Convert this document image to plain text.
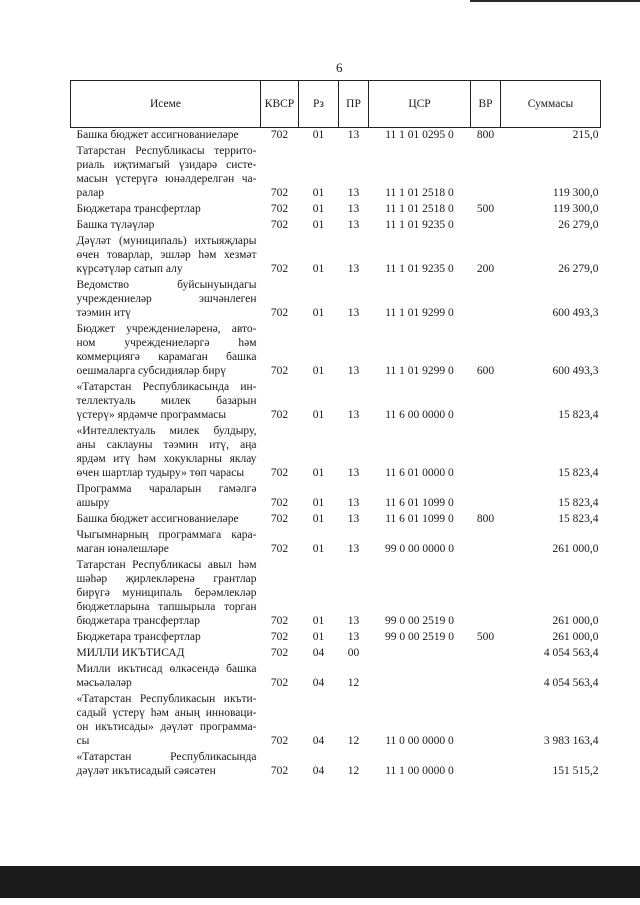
6
Исеме	КВСР	Рз	ПР	ЦСР	ВР	Суммасы

Башка бюджет ассигнованиеләре	702	01	13	11 1 01 0295 0	800	215,0

Татарстан Республикасы террито-
риаль иҗтимагый үзидарә систе-
масын үстерүгә юнәлдерелгән ча-
ралар	702	01	13	11 1 01 2518 0		119 300,0

Бюджетара трансфертлар	702	01	13	11 1 01 2518 0	500	119 300,0

Башка түләүләр	702	01	13	11 1 01 9235 0		26 279,0

Дәүләт (муниципаль) ихтыяҗлары
өчен товарлар, эшләр һәм хезмәт
күрсәтүләр сатып алу	702	01	13	11 1 01 9235 0	200	26 279,0

Ведомство буйсынуындагы
учреждениеләр эшчәнлеген
тәэмин итү	702	01	13	11 1 01 9299 0		600 493,3

Бюджет учреждениеләренә, авто-
ном учреждениеләргә һәм
коммерциягә карамаган башка
оешмаларга субсидияләр бирү	702	01	13	11 1 01 9299 0	600	600 493,3

«Татарстан Республикасында ин-
теллектуаль милек базарын
үстерү» ярдәмче программасы	702	01	13	11 6 00 0000 0		15 823,4

«Интеллектуаль милек булдыру,
аны саклауны тәэмин итү, аңа
ярдәм итү һәм хокукларны яклау
өчен шартлар тудыру» төп чарасы	702	01	13	11 6 01 0000 0		15 823,4

Программа чараларын гамәлгә
ашыру	702	01	13	11 6 01 1099 0		15 823,4

Башка бюджет ассигнованиеләре	702	01	13	11 6 01 1099 0	800	15 823,4

Чыгымнарның программага кара-
маган юнәлешләре	702	01	13	99 0 00 0000 0		261 000,0

Татарстан Республикасы авыл һәм
шәһәр җирлекләренә грантлар
бирүгә муниципаль берәмлекләр
бюджетларына тапшырыла торган
бюджетара трансфертлар	702	01	13	99 0 00 2519 0		261 000,0

Бюджетара трансфертлар	702	01	13	99 0 00 2519 0	500	261 000,0

МИЛЛИ ИКЪТИСАД	702	04	00			4 054 563,4

Милли икътисад өлкәсендә башка
мәсьәләләр	702	04	12			4 054 563,4

«Татарстан Республикасын икъти-
садый үстерү һәм аның инноваци-
он икътисады» дәүләт программа-
сы	702	04	12	11 0 00 0000 0		3 983 163,4

«Татарстан Республикасында
дәүләт икътисадый сәясәтен	702	04	12	11 1 00 0000 0		151 515,2
